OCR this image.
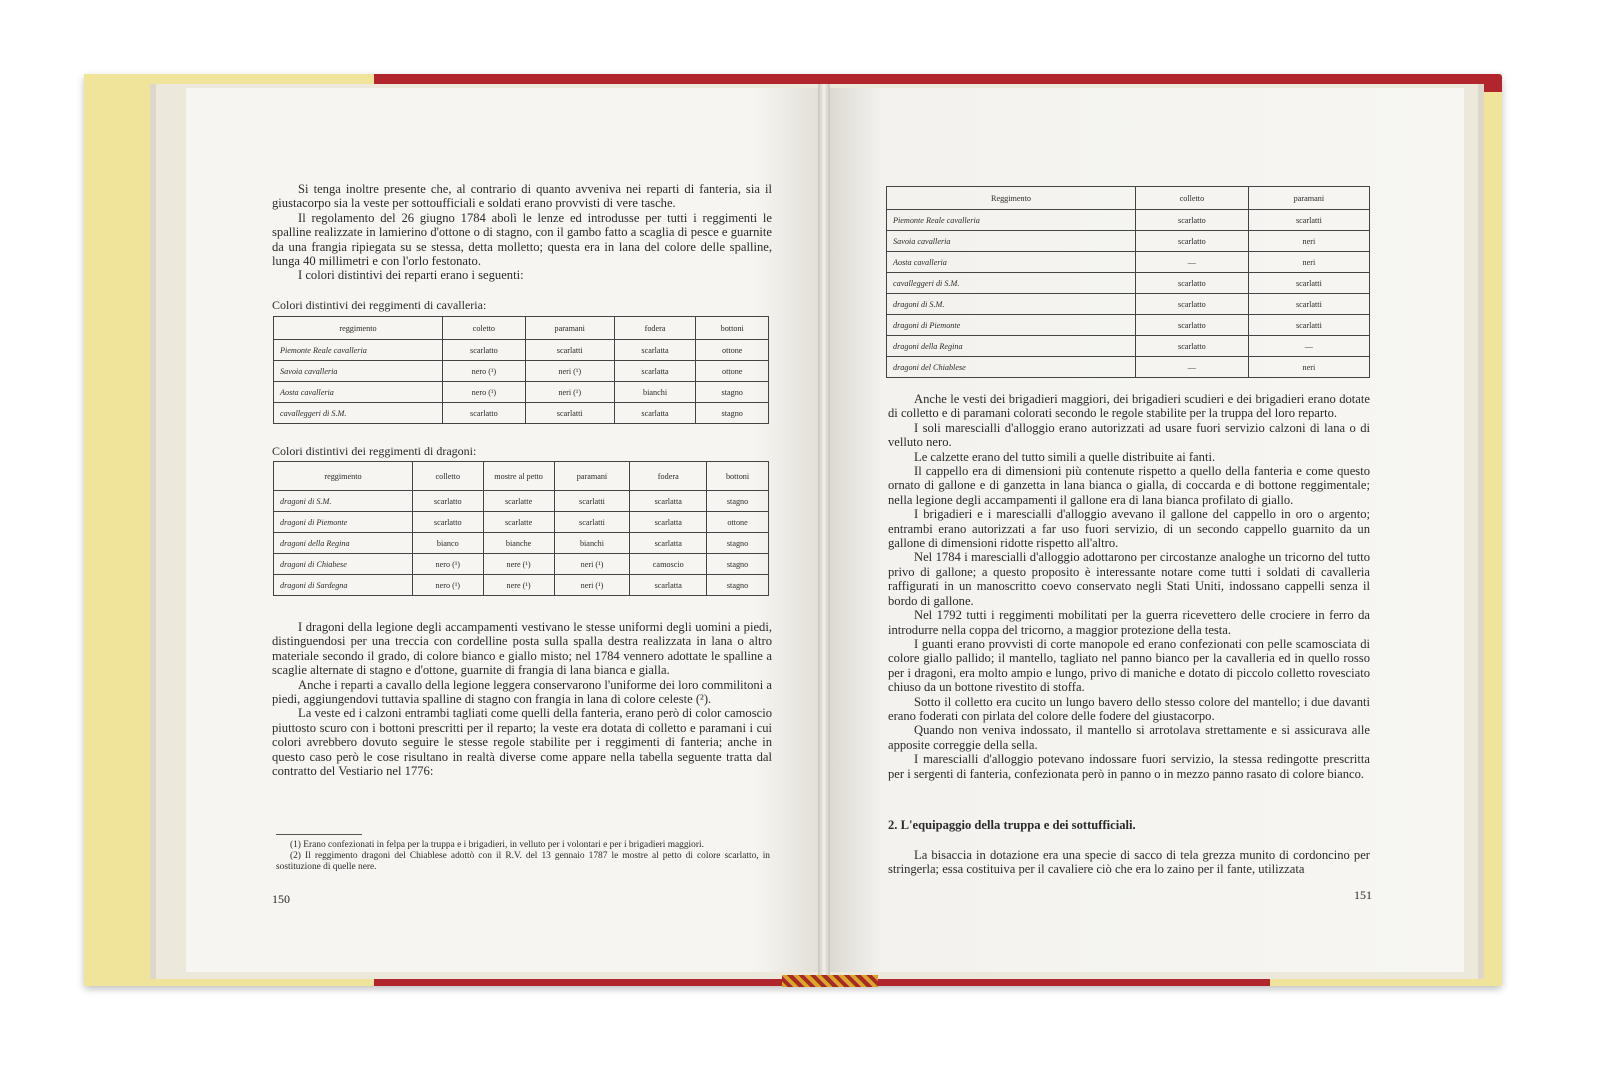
Si tenga inoltre presente che, al contrario di quanto avveniva nei reparti di fanteria, sia il giustacorpo sia la veste per sottoufficiali e soldati erano provvisti di vere tasche.

Il regolamento del 26 giugno 1784 abolì le lenze ed introdusse per tutti i reggimenti le spalline realizzate in lamierino d'ottone o di stagno, con il gambo fatto a scaglia di pesce e guarnite da una frangia ripiegata su se stessa, detta molletto; questa era in lana del colore delle spalline, lunga 40 millimetri e con l'orlo festonato.

I colori distintivi dei reparti erano i seguenti:

Colori distintivi dei reggimenti di cavalleria:
reggimento	coletto	paramani	fodera	bottoni
Piemonte Reale cavalleria	scarlatto	scarlatti	scarlatta	ottone
Savoia cavalleria	nero (¹)	neri (¹)	scarlatta	ottone
Aosta cavalleria	nero (¹)	neri (¹)	bianchi	stagno
cavalleggeri di S.M.	scarlatto	scarlatti	scarlatta	stagno
Colori distintivi dei reggimenti di dragoni:
reggimento	colletto	mostre al petto	paramani	fodera	bottoni
dragoni di S.M.	scarlatto	scarlatte	scarlatti	scarlatta	stagno
dragoni di Piemonte	scarlatto	scarlatte	scarlatti	scarlatta	ottone
dragoni della Regina	bianco	bianche	bianchi	scarlatta	stagno
dragoni di Chiabese	nero (¹)	nere (¹)	neri (¹)	camoscio	stagno
dragoni di Sardegna	nero (¹)	nere (¹)	neri (¹)	scarlatta	stagno

I dragoni della legione degli accampamenti vestivano le stesse uniformi degli uomini a piedi, distinguendosi per una treccia con cordelline posta sulla spalla destra realizzata in lana o altro materiale secondo il grado, di colore bianco e giallo misto; nel 1784 vennero adottate le spalline a scaglie alternate di stagno e d'ottone, guarnite di frangia di lana bianca e gialla.

Anche i reparti a cavallo della legione leggera conservarono l'uniforme dei loro commilitoni a piedi, aggiungendovi tuttavia spalline di stagno con frangia in lana di colore celeste (²).

La veste ed i calzoni entrambi tagliati come quelli della fanteria, erano però di color camoscio piuttosto scuro con i bottoni prescritti per il reparto; la veste era dotata di colletto e paramani i cui colori avrebbero dovuto seguire le stesse regole stabilite per i reggimenti di fanteria; anche in questo caso però le cose risultano in realtà diverse come appare nella tabella seguente tratta dal contratto del Vestiario nel 1776:

(1) Erano confezionati in felpa per la truppa e i brigadieri, in velluto per i volontari e per i brigadieri maggiori.

(2) Il reggimento dragoni del Chiablese adottò con il R.V. del 13 gennaio 1787 le mostre al petto di colore scarlatto, in sostituzione di quelle nere.

150
Reggimento	colletto	paramani
Piemonte Reale cavalleria	scarlatto	scarlatti
Savoia cavalleria	scarlatto	neri
Aosta cavalleria	—	neri
cavalleggeri di S.M.	scarlatto	scarlatti
dragoni di S.M.	scarlatto	scarlatti
dragoni di Piemonte	scarlatto	scarlatti
dragoni della Regina	scarlatto	—
dragoni del Chiablese	—	neri

Anche le vesti dei brigadieri maggiori, dei brigadieri scudieri e dei brigadieri erano dotate di colletto e di paramani colorati secondo le regole stabilite per la truppa del loro reparto.

I soli marescialli d'alloggio erano autorizzati ad usare fuori servizio calzoni di lana o di velluto nero.

Le calzette erano del tutto simili a quelle distribuite ai fanti.

Il cappello era di dimensioni più contenute rispetto a quello della fanteria e come questo ornato di gallone e di ganzetta in lana bianca o gialla, di coccarda e di bottone reggimentale; nella legione degli accampamenti il gallone era di lana bianca profilato di giallo.

I brigadieri e i marescialli d'alloggio avevano il gallone del cappello in oro o argento; entrambi erano autorizzati a far uso fuori servizio, di un secondo cappello guarnito da un gallone di dimensioni ridotte rispetto all'altro.

Nel 1784 i marescialli d'alloggio adottarono per circostanze analoghe un tricorno del tutto privo di gallone; a questo proposito è interessante notare come tutti i soldati di cavalleria raffigurati in un manoscritto coevo conservato negli Stati Uniti, indossano cappelli senza il bordo di gallone.

Nel 1792 tutti i reggimenti mobilitati per la guerra ricevettero delle crociere in ferro da introdurre nella coppa del tricorno, a maggior protezione della testa.

I guanti erano provvisti di corte manopole ed erano confezionati con pelle scamosciata di colore giallo pallido; il mantello, tagliato nel panno bianco per la cavalleria ed in quello rosso per i dragoni, era molto ampio e lungo, privo di maniche e dotato di piccolo colletto rovesciato chiuso da un bottone rivestito di stoffa.

Sotto il colletto era cucito un lungo bavero dello stesso colore del mantello; i due davanti erano foderati con pirlata del colore delle fodere del giustacorpo.

Quando non veniva indossato, il mantello si arrotolava strettamente e si assicurava alle apposite correggie della sella.

I marescialli d'alloggio potevano indossare fuori servizio, la stessa redingotte prescritta per i sergenti di fanteria, confezionata però in panno o in mezzo panno rasato di colore bianco.

2. L'equipaggio della truppa e dei sottufficiali.

La bisaccia in dotazione era una specie di sacco di tela grezza munito di cordoncino per stringerla; essa costituiva per il cavaliere ciò che era lo zaino per il fante, utilizzata

151
